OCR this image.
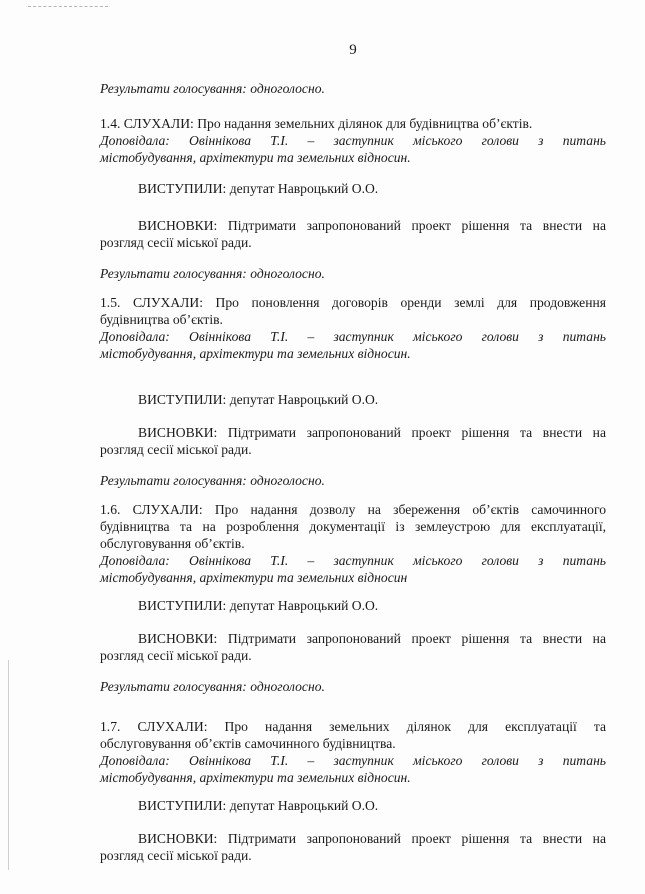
9
Результати голосування: одноголосно.
1.4. СЛУХАЛИ: Про надання земельних ділянок для будівництва об’єктів.
Доповідала: Овіннікова Т.І. – заступник міського голови з питань
містобудування, архітектури та земельних відносин.
ВИСТУПИЛИ: депутат Навроцький О.О.
ВИСНОВКИ: Підтримати запропонований проект рішення та внести на
розгляд сесії міської ради.
Результати голосування: одноголосно.
1.5. СЛУХАЛИ: Про поновлення договорів оренди землі для продовження
будівництва об’єктів.
Доповідала: Овіннікова Т.І. – заступник міського голови з питань
містобудування, архітектури та земельних відносин.
ВИСТУПИЛИ: депутат Навроцький О.О.
ВИСНОВКИ: Підтримати запропонований проект рішення та внести на
розгляд сесії міської ради.
Результати голосування: одноголосно.
1.6. СЛУХАЛИ: Про надання дозволу на збереження об’єктів самочинного
будівництва та на розроблення документації із землеустрою для експлуатації,
обслуговування об’єктів.
Доповідала: Овіннікова Т.І. – заступник міського голови з питань
містобудування, архітектури та земельних відносин
ВИСТУПИЛИ: депутат Навроцький О.О.
ВИСНОВКИ: Підтримати запропонований проект рішення та внести на
розгляд сесії міської ради.
Результати голосування: одноголосно.
1.7. СЛУХАЛИ: Про надання земельних ділянок для експлуатації та
обслуговування об’єктів самочинного будівництва.
Доповідала: Овіннікова Т.І. – заступник міського голови з питань
містобудування, архітектури та земельних відносин.
ВИСТУПИЛИ: депутат Навроцький О.О.
ВИСНОВКИ: Підтримати запропонований проект рішення та внести на
розгляд сесії міської ради.
